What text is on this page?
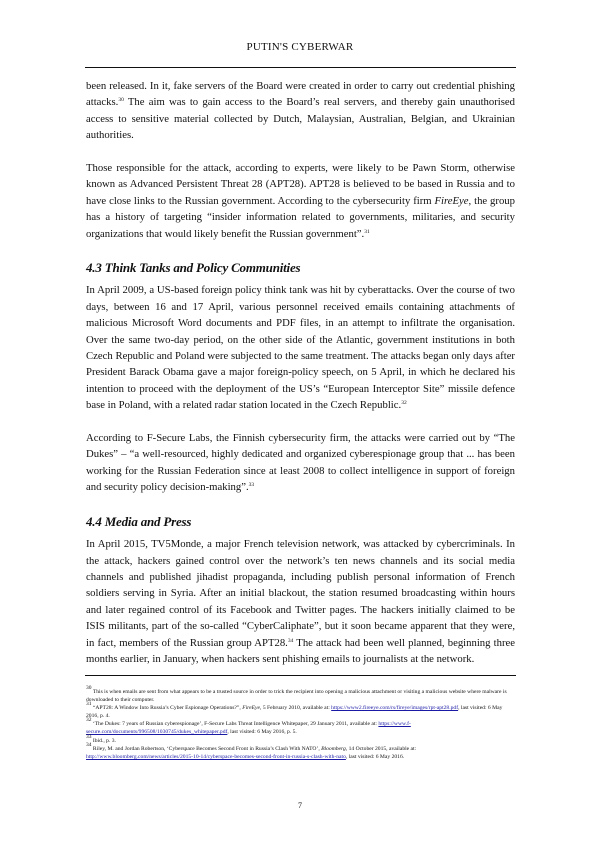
PUTIN'S CYBERWAR

been released. In it, fake servers of the Board were created in order to carry out credential phishing attacks.$^{30}$ The aim was to gain access to the Board’s real servers, and thereby gain unauthorised access to sensitive material collected by Dutch, Malaysian, Australian, Belgian, and Ukrainian authorities.

Those responsible for the attack, according to experts, were likely to be Pawn Storm, otherwise known as Advanced Persistent Threat 28 (APT28). APT28 is believed to be based in Russia and to have close links to the Russian government. According to the cybersecurity firm FireEye, the group has a history of targeting “insider information related to governments, militaries, and security organizations that would likely benefit the Russian government”.$^{31}$

4.3 Think Tanks and Policy Communities

In April 2009, a US-based foreign policy think tank was hit by cyberattacks. Over the course of two days, between 16 and 17 April, various personnel received emails containing attachments of malicious Microsoft Word documents and PDF files, in an attempt to infiltrate the organisation. Over the same two-day period, on the other side of the Atlantic, government institutions in both Czech Republic and Poland were subjected to the same treatment. The attacks began only days after President Barack Obama gave a major foreign-policy speech, on 5 April, in which he declared his intention to proceed with the deployment of the US’s “European Interceptor Site” missile defence base in Poland, with a related radar station located in the Czech Republic.$^{32}$

According to F-Secure Labs, the Finnish cybersecurity firm, the attacks were carried out by “The Dukes” – “a well-resourced, highly dedicated and organized cyberespionage group that ... has been working for the Russian Federation since at least 2008 to collect intelligence in support of foreign and security policy decision-making”.$^{33}$

4.4 Media and Press

In April 2015, TV5Monde, a major French television network, was attacked by cybercriminals. In the attack, hackers gained control over the network’s ten news channels and its social media channels and published jihadist propaganda, including publish personal information of French soldiers serving in Syria. After an initial blackout, the station resumed broadcasting within hours and later regained control of its Facebook and Twitter pages. The hackers initially claimed to be ISIS militants, part of the so-called “CyberCaliphate”, but it soon became apparent that they were, in fact, members of the Russian group APT28.34 The attack had been well planned, beginning three months earlier, in January, when hackers sent phishing emails to journalists at the network.

$^{30}$ This is when emails are sent from what appears to be a trusted source in order to trick the recipient into opening a malicious attachment or visiting a malicious website where malware is downloaded to their computer.

$^{31}$ “APT28: A Window Into Russia’s Cyber Espionage Operations?”, FireEye, 5 February 2010, available at: https://www2.fireeye.com/rs/fireye/images/rpt-apt28.pdf, last visited: 6 May 2016, p. 4.

$^{32}$ ‘The Dukes: 7 years of Russian cyberespionage’, F-Secure Labs Threat Intelligence Whitepaper, 29 January 2011, available at: https://www.f-secure.com/documents/996508/1030745/dukes_whitepaper.pdf, last visited: 6 May 2016, p. 5.

$^{33}$ Ibid., p. 3.

$^{34}$ Riley, M. and Jordan Robertson, ‘Cyberspace Becomes Second Front in Russia’s Clash With NATO’, Bloomberg, 14 October 2015, available at: http://www.bloomberg.com/news/articles/2015-10-14/cyberspace-becomes-second-front-in-russia-s-clash-with-nato, last visited: 6 May 2016.

7
